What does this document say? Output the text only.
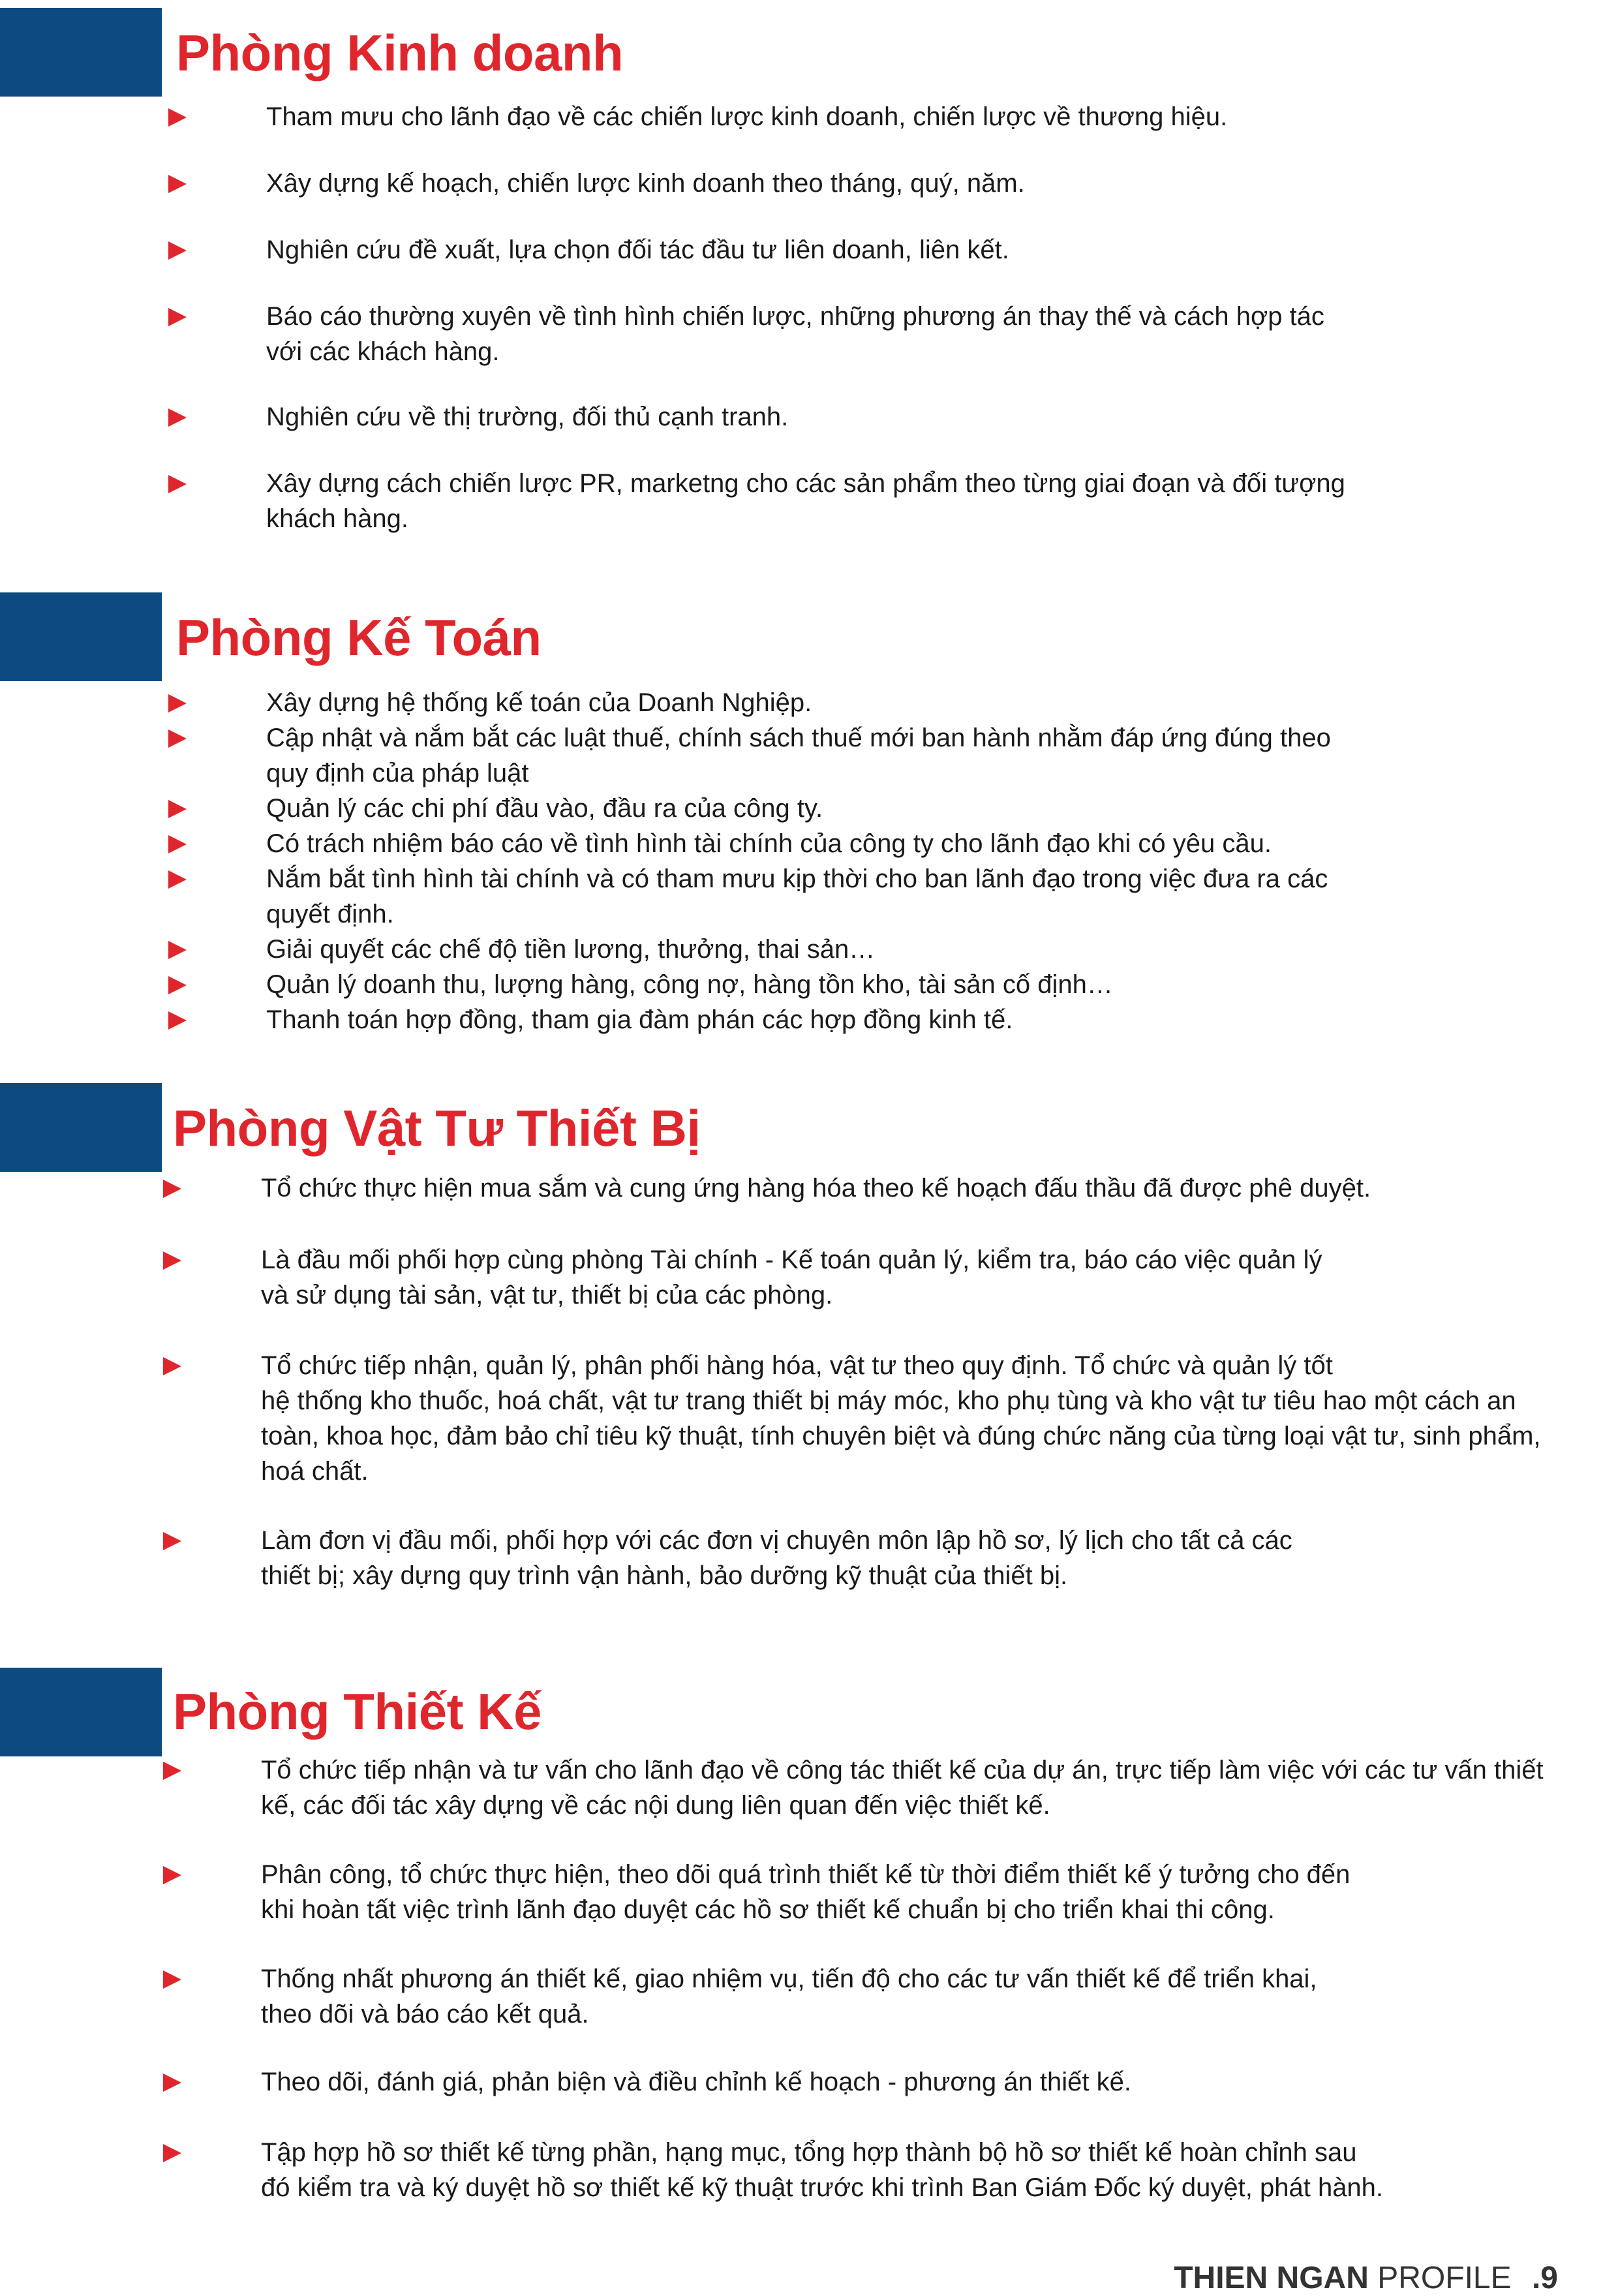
Phòng Kinh doanh

Tham mưu cho lãnh đạo về các chiến lược kinh doanh, chiến lược về thương hiệu.

Xây dựng kế hoạch, chiến lược kinh doanh theo tháng, quý, năm.

Nghiên cứu đề xuất, lựa chọn đối tác đầu tư liên doanh, liên kết.

Báo cáo thường xuyên về tình hình chiến lược, những phương án thay thế và cách hợp tác
với các khách hàng.

Nghiên cứu về thị trường, đối thủ cạnh tranh.

Xây dựng cách chiến lược PR, marketng cho các sản phẩm theo từng giai đoạn và đối tượng
khách hàng.

Phòng Kế Toán

Xây dựng hệ thống kế toán của Doanh Nghiệp.

Cập nhật và nắm bắt các luật thuế, chính sách thuế mới ban hành nhằm đáp ứng đúng theo
quy định của pháp luật

Quản lý các chi phí đầu vào, đầu ra của công ty.

Có trách nhiệm báo cáo về tình hình tài chính của công ty cho lãnh đạo khi có yêu cầu.

Nắm bắt tình hình tài chính và có tham mưu kịp thời cho ban lãnh đạo trong việc đưa ra các
quyết định.

Giải quyết các chế độ tiền lương, thưởng, thai sản…

Quản lý doanh thu, lượng hàng, công nợ, hàng tồn kho, tài sản cố định…

Thanh toán hợp đồng, tham gia đàm phán các hợp đồng kinh tế.

Phòng Vật Tư Thiết Bị

Tổ chức thực hiện mua sắm và cung ứng hàng hóa theo kế hoạch đấu thầu đã được phê duyệt.

Là đầu mối phối hợp cùng phòng Tài chính - Kế toán quản lý, kiểm tra, báo cáo việc quản lý
và sử dụng tài sản, vật tư, thiết bị của các phòng.

Tổ chức tiếp nhận, quản lý, phân phối hàng hóa, vật tư theo quy định. Tổ chức và quản lý tốt
hệ thống kho thuốc, hoá chất, vật tư trang thiết bị máy móc, kho phụ tùng và kho vật tư tiêu hao một cách an
toàn, khoa học, đảm bảo chỉ tiêu kỹ thuật, tính chuyên biệt và đúng chức năng của từng loại vật tư, sinh phẩm,
hoá chất.

Làm đơn vị đầu mối, phối hợp với các đơn vị chuyên môn lập hồ sơ, lý lịch cho tất cả các
thiết bị; xây dựng quy trình vận hành, bảo dưỡng kỹ thuật của thiết bị.

Phòng Thiết Kế

Tổ chức tiếp nhận và tư vấn cho lãnh đạo về công tác thiết kế của dự án, trực tiếp làm việc với các tư vấn thiết
kế, các đối tác xây dựng về các nội dung liên quan đến việc thiết kế.

Phân công, tổ chức thực hiện, theo dõi quá trình thiết kế từ thời điểm thiết kế ý tưởng cho đến
khi hoàn tất việc trình lãnh đạo duyệt các hồ sơ thiết kế chuẩn bị cho triển khai thi công.

Thống nhất phương án thiết kế, giao nhiệm vụ, tiến độ cho các tư vấn thiết kế để triển khai,
theo dõi và báo cáo kết quả.

Theo dõi, đánh giá, phản biện và điều chỉnh kế hoạch - phương án thiết kế.

Tập hợp hồ sơ thiết kế từng phần, hạng mục, tổng hợp thành bộ hồ sơ thiết kế hoàn chỉnh sau
đó kiểm tra và ký duyệt hồ sơ thiết kế kỹ thuật trước khi trình Ban Giám Đốc ký duyệt, phát hành.

THIEN NGAN PROFILE .9
